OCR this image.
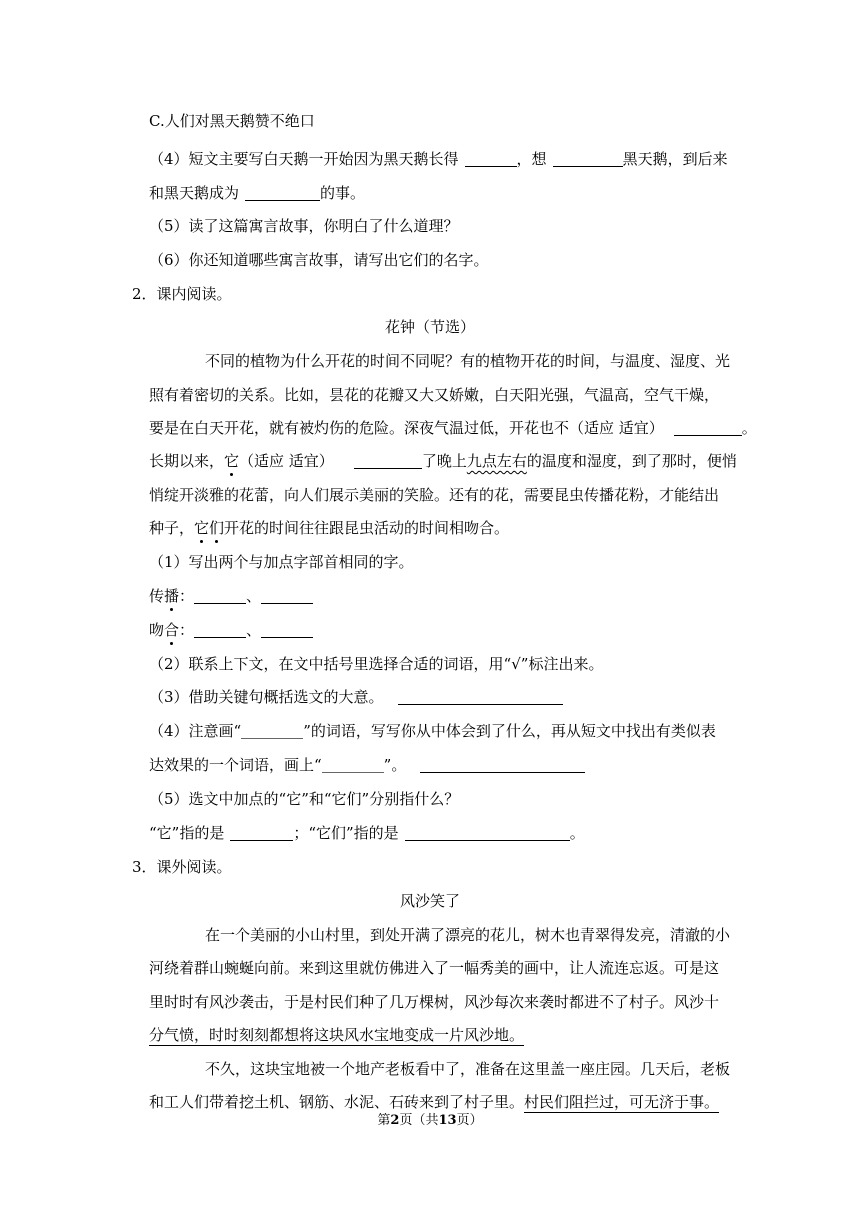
C.人们对黑天鹅赞不绝口
（4）短文主要写白天鹅一开始因为黑天鹅长得	，想	黑天鹅，到后来
和黑天鹅成为	的事。
（5）读了这篇寓言故事，你明白了什么道理？
（6）你还知道哪些寓言故事，请写出它们的名字。
2．课内阅读。
花钟（节选）
不同的植物为什么开花的时间不同呢？有的植物开花的时间，与温度、湿度、光
照有着密切的关系。比如，昙花的花瓣又大又娇嫩，白天阳光强，气温高，空气干燥，
要是在白天开花，就有被灼伤的危险。深夜气温过低，开花也不（适应 适宜）	。
长期以来，它（适应 适宜）	了晚上九点左右的温度和湿度，到了那时，便悄
悄绽开淡雅的花蕾，向人们展示美丽的笑脸。还有的花，需要昆虫传播花粉，才能结出
种子，它们开花的时间往往跟昆虫活动的时间相吻合。
（1）写出两个与加点字部首相同的字。
传播：	、
吻合：	、
（2）联系上下文，在文中括号里选择合适的词语，用“√”标注出来。
（3）借助关键句概括选文的大意。
（4）注意画“	”的词语，写写你从中体会到了什么，再从短文中找出有类似表
达效果的一个词语，画上“	”。
（5）选文中加点的“它”和“它们”分别指什么？
“它”指的是	；“它们”指的是	。
3．课外阅读。
风沙笑了
在一个美丽的小山村里，到处开满了漂亮的花儿，树木也青翠得发亮，清澈的小
河绕着群山蜿蜒向前。来到这里就仿佛进入了一幅秀美的画中，让人流连忘返。可是这
里时时有风沙袭击，于是村民们种了几万棵树，风沙每次来袭时都进不了村子。风沙十
分气愤，时时刻刻都想将这块风水宝地变成一片风沙地。
不久，这块宝地被一个地产老板看中了，准备在这里盖一座庄园。几天后，老板
和工人们带着挖土机、钢筋、水泥、石砖来到了村子里。村民们阻拦过，可无济于事。
第2页（共13页）
